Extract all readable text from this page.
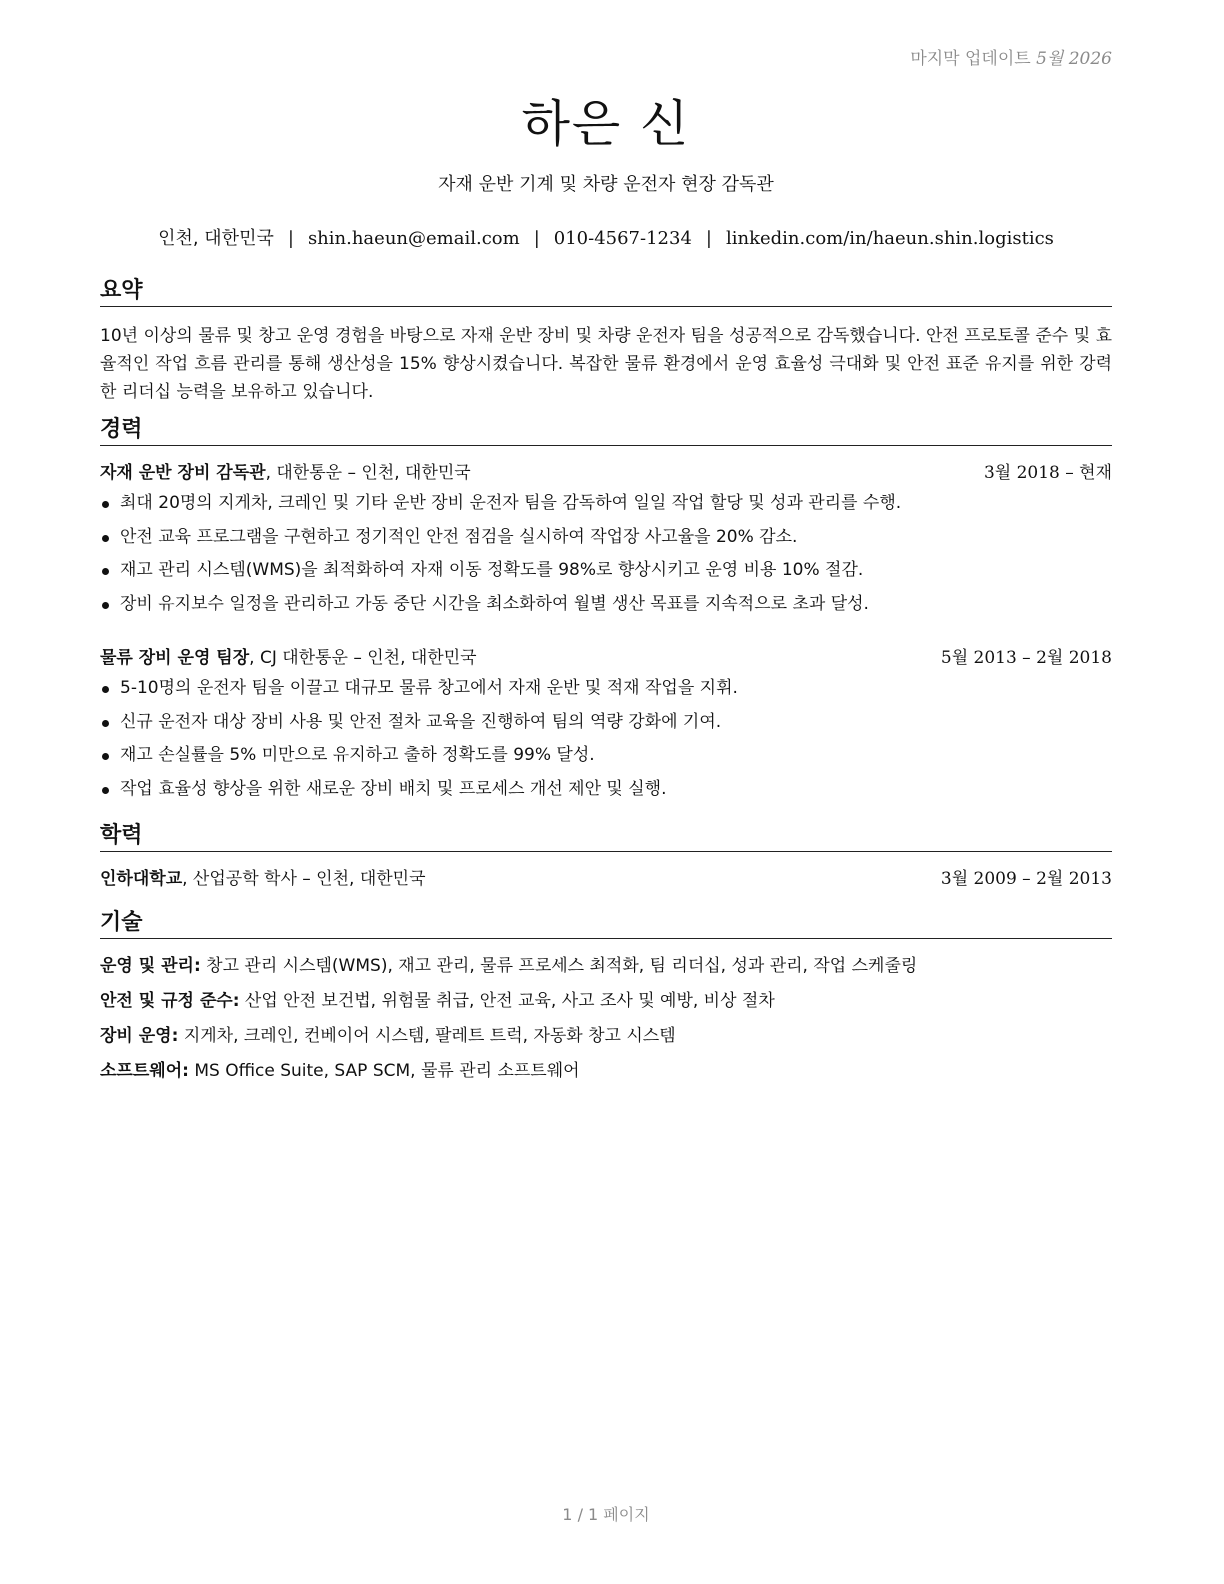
마지막 업데이트 5월 2026
하은 신
자재 운반 기계 및 차량 운전자 현장 감독관
인천, 대한민국 | shin.haeun@email.com | 010-4567-1234 | linkedin.com/in/haeun.shin.logistics
요약
10년 이상의 물류 및 창고 운영 경험을 바탕으로 자재 운반 장비 및 차량 운전자 팀을 성공적으로 감독했습니다. 안전 프로토콜 준수 및 효율적인 작업 흐름 관리를 통해 생산성을 15% 향상시켰습니다. 복잡한 물류 환경에서 운영 효율성 극대화 및 안전 표준 유지를 위한 강력한 리더십 능력을 보유하고 있습니다.
경력
자재 운반 장비 감독관, 대한통운 – 인천, 대한민국	3월 2018 – 현재
최대 20명의 지게차, 크레인 및 기타 운반 장비 운전자 팀을 감독하여 일일 작업 할당 및 성과 관리를 수행.
안전 교육 프로그램을 구현하고 정기적인 안전 점검을 실시하여 작업장 사고율을 20% 감소.
재고 관리 시스템(WMS)을 최적화하여 자재 이동 정확도를 98%로 향상시키고 운영 비용 10% 절감.
장비 유지보수 일정을 관리하고 가동 중단 시간을 최소화하여 월별 생산 목표를 지속적으로 초과 달성.
물류 장비 운영 팀장, CJ 대한통운 – 인천, 대한민국	5월 2013 – 2월 2018
5-10명의 운전자 팀을 이끌고 대규모 물류 창고에서 자재 운반 및 적재 작업을 지휘.
신규 운전자 대상 장비 사용 및 안전 절차 교육을 진행하여 팀의 역량 강화에 기여.
재고 손실률을 5% 미만으로 유지하고 출하 정확도를 99% 달성.
작업 효율성 향상을 위한 새로운 장비 배치 및 프로세스 개선 제안 및 실행.
학력
인하대학교, 산업공학 학사 – 인천, 대한민국	3월 2009 – 2월 2013
기술
운영 및 관리: 창고 관리 시스템(WMS), 재고 관리, 물류 프로세스 최적화, 팀 리더십, 성과 관리, 작업 스케줄링
안전 및 규정 준수: 산업 안전 보건법, 위험물 취급, 안전 교육, 사고 조사 및 예방, 비상 절차
장비 운영: 지게차, 크레인, 컨베이어 시스템, 팔레트 트럭, 자동화 창고 시스템
소프트웨어: MS Office Suite, SAP SCM, 물류 관리 소프트웨어
1 / 1 페이지
